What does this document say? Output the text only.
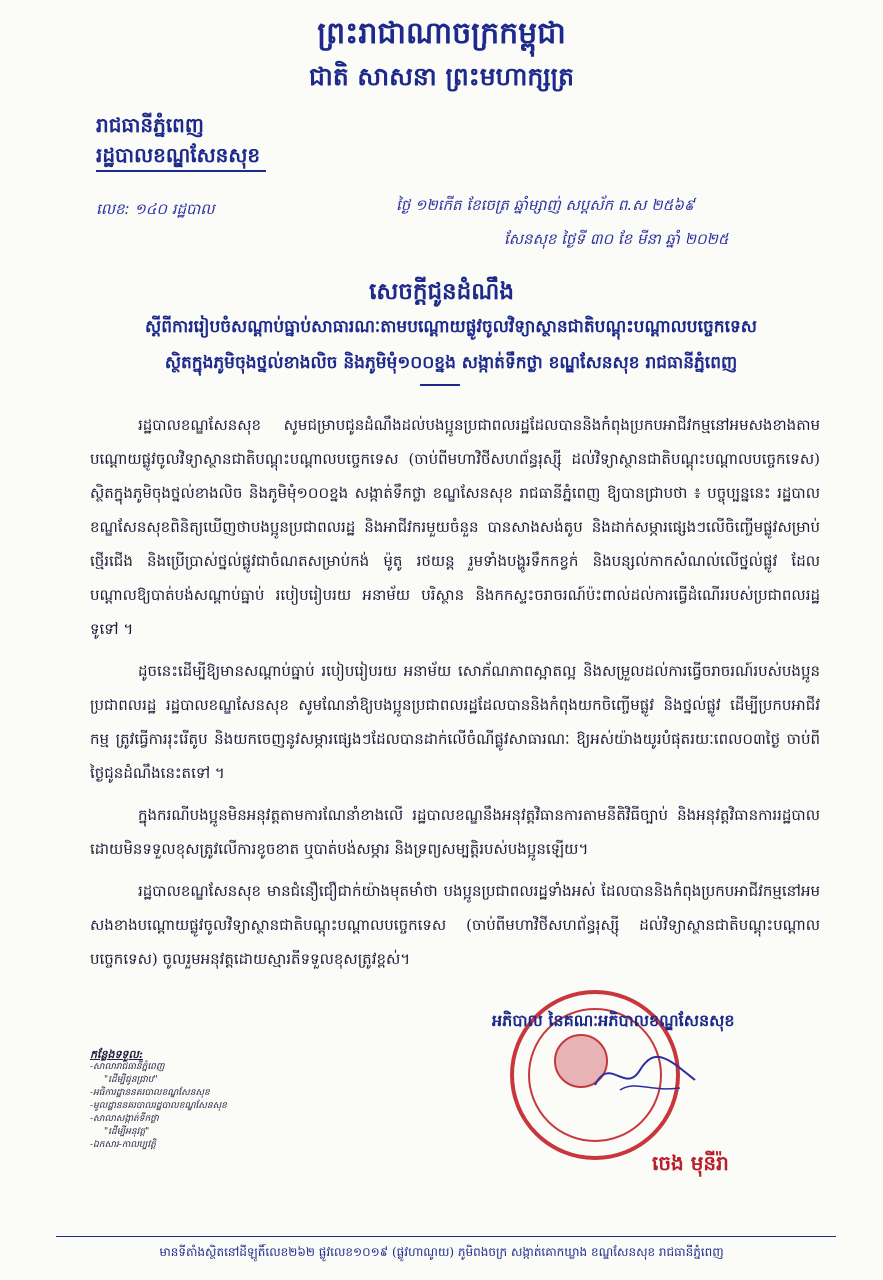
ព្រះរាជាណាចក្រកម្ពុជា
ជាតិ សាសនា ព្រះមហាក្សត្រ
រាជធានីភ្នំពេញ
រដ្ឋបាលខណ្ឌសែនសុខ
លេខ: ១៤០ រដ្ឋបាល	ថ្ងៃ ១២កើត ខែចេត្រ ឆ្នាំម្សាញ់ សប្តស័ក ព.ស ២៥៦៩
សែនសុខ ថ្ងៃទី ៣០ ខែ មីនា ឆ្នាំ ២០២៥
សេចក្តីជូនដំណឹង
ស្តីពីការរៀបចំសណ្តាប់ធ្នាប់សាធារណៈតាមបណ្តោយផ្លូវចូលវិទ្យាស្ថានជាតិបណ្តុះបណ្តាលបច្ចេកទេស
ស្ថិតក្នុងភូមិចុងថ្នល់ខាងលិច និងភូមិមុំ១០០ខ្នង សង្កាត់ទឹកថ្លា ខណ្ឌសែនសុខ រាជធានីភ្នំពេញ

រដ្ឋបាលខណ្ឌសែនសុខ សូមជម្រាបជូនដំណឹងដល់បងប្អូនប្រជាពលរដ្ឋដែលបាននិងកំពុងប្រកបអាជីវកម្មនៅអមសងខាងតាមបណ្តោយផ្លូវចូលវិទ្យាស្ថានជាតិបណ្តុះបណ្តាលបច្ចេកទេស (ចាប់ពីមហាវិថីសហព័ន្ធរុស្ស៊ី ដល់វិទ្យាស្ថានជាតិបណ្តុះបណ្តាលបច្ចេកទេស) ស្ថិតក្នុងភូមិចុងថ្នល់ខាងលិច និងភូមិមុំ១០០ខ្នង សង្កាត់ទឹកថ្លា ខណ្ឌសែនសុខ រាជធានីភ្នំពេញ ឱ្យបានជ្រាបថា ៖ បច្ចុប្បន្ននេះ រដ្ឋបាលខណ្ឌសែនសុខពិនិត្យឃើញថាបងប្អូនប្រជាពលរដ្ឋ និងអាជីវករមួយចំនួន បានសាងសង់តូប និងដាក់សម្ភារផ្សេងៗលើចិញ្ចើមផ្លូវសម្រាប់ថ្មើរជើង និងប្រើប្រាស់ថ្នល់ផ្លូវជាចំណតសម្រាប់កង់ ម៉ូតូ រថយន្ត រួមទាំងបង្ហូរទឹកកខ្វក់ និងបន្សល់កាកសំណល់លើថ្នល់ផ្លូវ ដែលបណ្តាលឱ្យបាត់បង់សណ្តាប់ធ្នាប់ របៀបរៀបរយ អនាម័យ បរិស្ថាន និងកកស្ទះចរាចរណ៍ប៉ះពាល់ដល់ការធ្វើដំណើររបស់ប្រជាពលរដ្ឋទូទៅ ។

ដូចនេះដើម្បីឱ្យមានសណ្តាប់ធ្នាប់ របៀបរៀបរយ អនាម័យ សោភ័ណភាពស្អាតល្អ និងសម្រួលដល់ការធ្វើចរាចរណ៍របស់បងប្អូនប្រជាពលរដ្ឋ រដ្ឋបាលខណ្ឌសែនសុខ សូមណែនាំឱ្យបងប្អូនប្រជាពលរដ្ឋដែលបាននិងកំពុងយកចិញ្ចើមផ្លូវ និងថ្នល់ផ្លូវ ដើម្បីប្រកបអាជីវកម្ម ត្រូវធ្វើការរុះរើតូប និងយកចេញនូវសម្ភារផ្សេងៗដែលបានដាក់លើចំណីផ្លូវសាធារណៈ ឱ្យអស់យ៉ាងយូរបំផុតរយៈពេល០៣ថ្ងៃ ចាប់ពីថ្ងៃជូនដំណឹងនេះតទៅ ។

ក្នុងករណីបងប្អូនមិនអនុវត្តតាមការណែនាំខាងលើ រដ្ឋបាលខណ្ឌនឹងអនុវត្តវិធានការតាមនីតិវិធីច្បាប់ និងអនុវត្តវិធានការរដ្ឋបាល ដោយមិនទទួលខុសត្រូវលើការខូចខាត ឬបាត់បង់សម្ភារ និងទ្រព្យសម្បត្តិរបស់បងប្អូនឡើយ។

រដ្ឋបាលខណ្ឌសែនសុខ មានជំនឿជឿជាក់យ៉ាងមុតមាំថា បងប្អូនប្រជាពលរដ្ឋទាំងអស់ ដែលបាននិងកំពុងប្រកបអាជីវកម្មនៅអមសងខាងបណ្តោយផ្លូវចូលវិទ្យាស្ថានជាតិបណ្តុះបណ្តាលបច្ចេកទេស (ចាប់ពីមហាវិថីសហព័ន្ធរុស្ស៊ី ដល់វិទ្យាស្ថានជាតិបណ្តុះបណ្តាលបច្ចេកទេស) ចូលរួមអនុវត្តដោយស្មារតីទទួលខុសត្រូវខ្ពស់។

អភិបាល នៃគណៈអភិបាលខណ្ឌសែនសុខ
ចេង មុនីរ៉ា
កន្លែងទទួល:
-សាលារាជធានីភ្នំពេញ
"ដើម្បីជូនជ្រាប"
-អធិការដ្ឋាននគរបាលខណ្ឌសែនសុខ
-មូលដ្ឋាននគរបាលរដ្ឋបាលខណ្ឌសែនសុខ
-សាលាសង្កាត់ទឹកថ្លា
"ដើម្បីអនុវត្ត"
-ឯកសារ-កាលប្បវត្តិ
មានទីតាំងស្ថិតនៅដីឡូតិ៍លេខ២៦២ ផ្លូវលេខ១០១៩ (ផ្លូវហាណូយ) ភូមិពងចក្រ សង្កាត់គោកឃ្លាង ខណ្ឌសែនសុខ រាជធានីភ្នំពេញ
